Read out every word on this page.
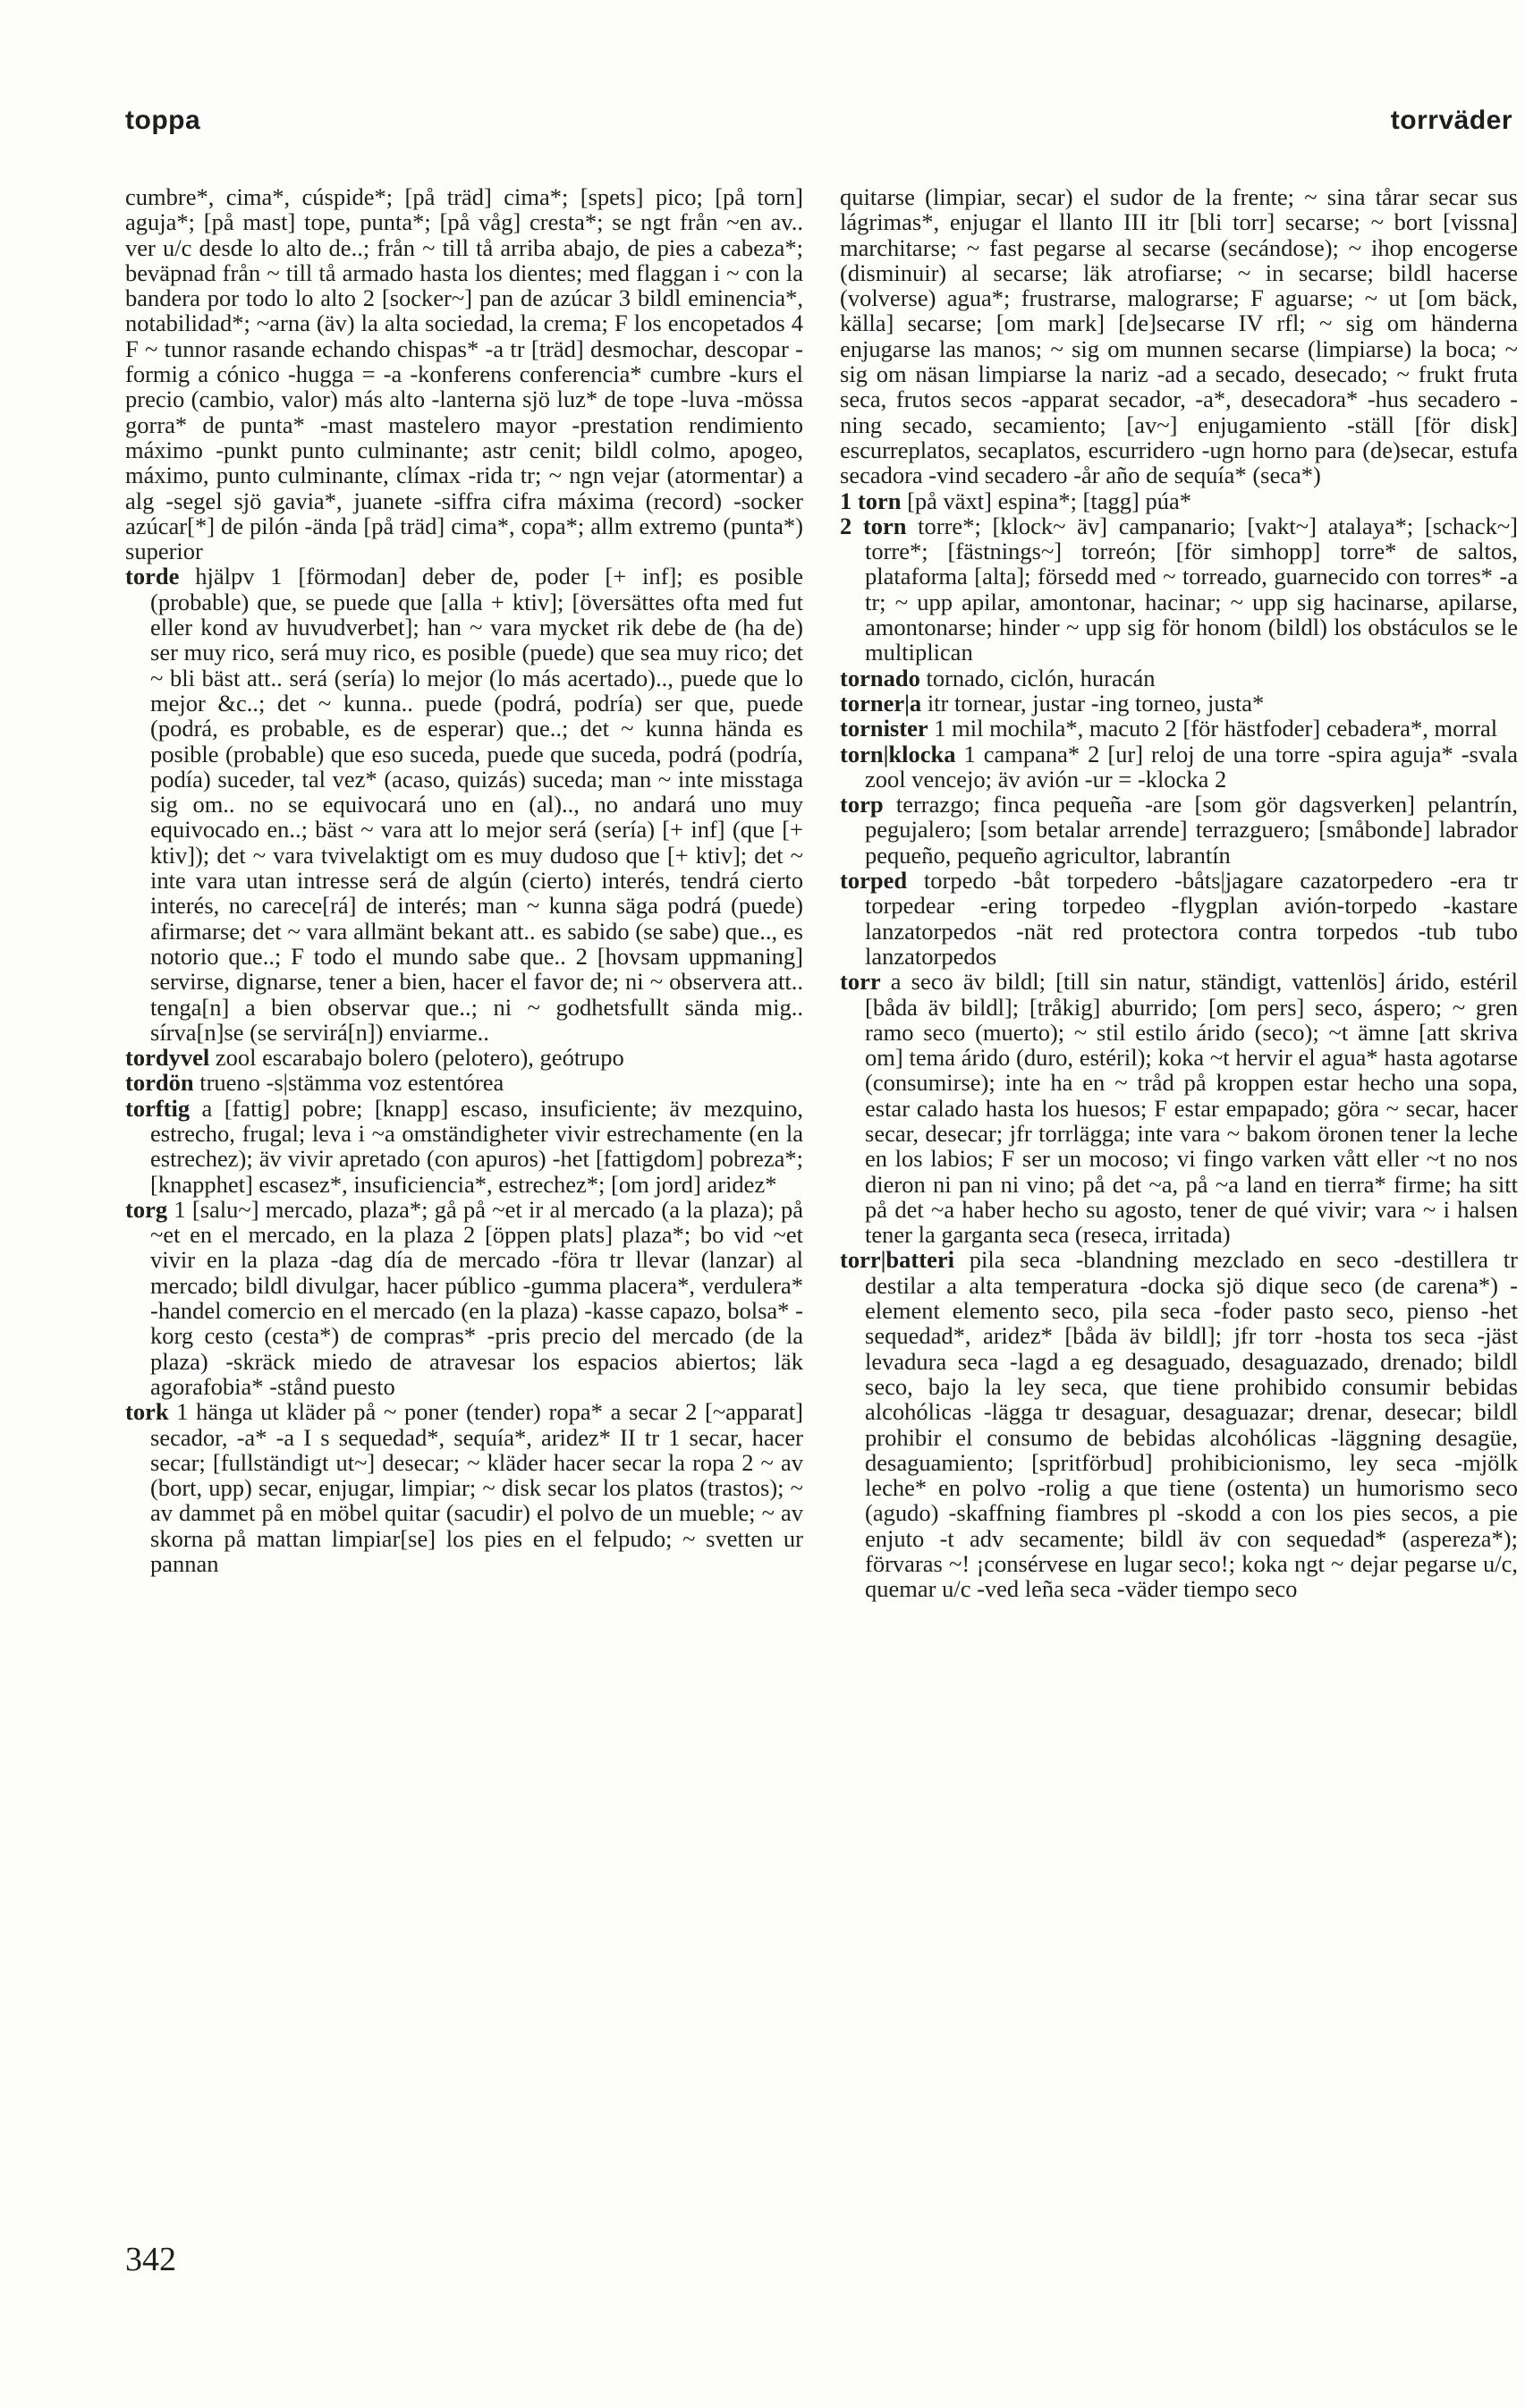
toppa	torrväder

cumbre*, cima*, cúspide*; [på träd] cima*; [spets] pico; [på torn] aguja*; [på mast] tope, punta*; [på våg] cresta*; se ngt från ~en av.. ver u/c desde lo alto de..; från ~ till tå arriba abajo, de pies a cabeza*; beväpnad från ~ till tå armado hasta los dientes; med flaggan i ~ con la bandera por todo lo alto 2 [socker~] pan de azúcar 3 bildl eminencia*, notabilidad*; ~arna (äv) la alta sociedad, la crema; F los encopetados 4 F ~ tunnor rasande echando chispas* -a tr [träd] desmochar, descopar -formig a cónico -hugga = -a -konferens conferencia* cumbre -kurs el precio (cambio, valor) más alto -lanterna sjö luz* de tope -luva -mössa gorra* de punta* -mast mastelero mayor -prestation rendimiento máximo -punkt punto culminante; astr cenit; bildl colmo, apogeo, máximo, punto culminante, clímax -rida tr; ~ ngn vejar (atormentar) a alg -segel sjö gavia*, juanete -siffra cifra máxima (record) -socker azúcar[*] de pilón -ända [på träd] cima*, copa*; allm extremo (punta*) superior

torde hjälpv 1 [förmodan] deber de, poder [+ inf]; es posible (probable) que, se puede que [alla + ktiv]; [översättes ofta med fut eller kond av huvudverbet]; han ~ vara mycket rik debe de (ha de) ser muy rico, será muy rico, es posible (puede) que sea muy rico; det ~ bli bäst att.. será (sería) lo mejor (lo más acertado).., puede que lo mejor &c..; det ~ kunna.. puede (podrá, podría) ser que, puede (podrá, es probable, es de esperar) que..; det ~ kunna hända es posible (probable) que eso suceda, puede que suceda, podrá (podría, podía) suceder, tal vez* (acaso, quizás) suceda; man ~ inte misstaga sig om.. no se equivocará uno en (al).., no andará uno muy equivocado en..; bäst ~ vara att lo mejor será (sería) [+ inf] (que [+ ktiv]); det ~ vara tvivelaktigt om es muy dudoso que [+ ktiv]; det ~ inte vara utan intresse será de algún (cierto) interés, tendrá cierto interés, no carece[rá] de interés; man ~ kunna säga podrá (puede) afirmarse; det ~ vara allmänt bekant att.. es sabido (se sabe) que.., es notorio que..; F todo el mundo sabe que.. 2 [hovsam uppmaning] servirse, dignarse, tener a bien, hacer el favor de; ni ~ observera att.. tenga[n] a bien observar que..; ni ~ godhetsfullt sända mig.. sírva[n]se (se servirá[n]) enviarme..

tordyvel zool escarabajo bolero (pelotero), geótrupo

tordön trueno -s|stämma voz estentórea

torftig a [fattig] pobre; [knapp] escaso, insuficiente; äv mezquino, estrecho, frugal; leva i ~a omständigheter vivir estrechamente (en la estrechez); äv vivir apretado (con apuros) -het [fattigdom] pobreza*; [knapphet] escasez*, insuficiencia*, estrechez*; [om jord] aridez*

torg 1 [salu~] mercado, plaza*; gå på ~et ir al mercado (a la plaza); på ~et en el mercado, en la plaza 2 [öppen plats] plaza*; bo vid ~et vivir en la plaza -dag día de mercado -föra tr llevar (lanzar) al mercado; bildl divulgar, hacer público -gumma placera*, verdulera* -handel comercio en el mercado (en la plaza) -kasse capazo, bolsa* -korg cesto (cesta*) de compras* -pris precio del mercado (de la plaza) -skräck miedo de atravesar los espacios abiertos; läk agorafobia* -stånd puesto

tork 1 hänga ut kläder på ~ poner (tender) ropa* a secar 2 [~apparat] secador, -a* -a I s sequedad*, sequía*, aridez* II tr 1 secar, hacer secar; [fullständigt ut~] desecar; ~ kläder hacer secar la ropa 2 ~ av (bort, upp) secar, enjugar, limpiar; ~ disk secar los platos (trastos); ~ av dammet på en möbel quitar (sacudir) el polvo de un mueble; ~ av skorna på mattan limpiar[se] los pies en el felpudo; ~ svetten ur pannan

quitarse (limpiar, secar) el sudor de la frente; ~ sina tårar secar sus lágrimas*, enjugar el llanto III itr [bli torr] secarse; ~ bort [vissna] marchitarse; ~ fast pegarse al secarse (secándose); ~ ihop encogerse (disminuir) al secarse; läk atrofiarse; ~ in secarse; bildl hacerse (volverse) agua*; frustrarse, malograrse; F aguarse; ~ ut [om bäck, källa] secarse; [om mark] [de]secarse IV rfl; ~ sig om händerna enjugarse las manos; ~ sig om munnen secarse (limpiarse) la boca; ~ sig om näsan limpiarse la nariz -ad a secado, desecado; ~ frukt fruta seca, frutos secos -apparat secador, -a*, desecadora* -hus secadero -ning secado, secamiento; [av~] enjugamiento -ställ [för disk] escurreplatos, secaplatos, escurridero -ugn horno para (de)secar, estufa secadora -vind secadero -år año de sequía* (seca*)

1 torn [på växt] espina*; [tagg] púa*

2 torn torre*; [klock~ äv] campanario; [vakt~] atalaya*; [schack~] torre*; [fästnings~] torreón; [för simhopp] torre* de saltos, plataforma [alta]; försedd med ~ torreado, guarnecido con torres* -a tr; ~ upp apilar, amontonar, hacinar; ~ upp sig hacinarse, apilarse, amontonarse; hinder ~ upp sig för honom (bildl) los obstáculos se le multiplican

tornado tornado, ciclón, huracán

torner|a itr tornear, justar -ing torneo, justa*

tornister 1 mil mochila*, macuto 2 [för hästfoder] cebadera*, morral

torn|klocka 1 campana* 2 [ur] reloj de una torre -spira aguja* -svala zool vencejo; äv avión -ur = -klocka 2

torp terrazgo; finca pequeña -are [som gör dagsverken] pelantrín, pegujalero; [som betalar arrende] terrazguero; [småbonde] labrador pequeño, pequeño agricultor, labrantín

torped torpedo -båt torpedero -båts|jagare cazatorpedero -era tr torpedear -ering torpedeo -flygplan avión-torpedo -kastare lanzatorpedos -nät red protectora contra torpedos -tub tubo lanzatorpedos

torr a seco äv bildl; [till sin natur, ständigt, vattenlös] árido, estéril [båda äv bildl]; [tråkig] aburrido; [om pers] seco, áspero; ~ gren ramo seco (muerto); ~ stil estilo árido (seco); ~t ämne [att skriva om] tema árido (duro, estéril); koka ~t hervir el agua* hasta agotarse (consumirse); inte ha en ~ tråd på kroppen estar hecho una sopa, estar calado hasta los huesos; F estar empapado; göra ~ secar, hacer secar, desecar; jfr torrlägga; inte vara ~ bakom öronen tener la leche en los labios; F ser un mocoso; vi fingo varken vått eller ~t no nos dieron ni pan ni vino; på det ~a, på ~a land en tierra* firme; ha sitt på det ~a haber hecho su agosto, tener de qué vivir; vara ~ i halsen tener la garganta seca (reseca, irritada)

torr|batteri pila seca -blandning mezclado en seco -destillera tr destilar a alta temperatura -docka sjö dique seco (de carena*) -element elemento seco, pila seca -foder pasto seco, pienso -het sequedad*, aridez* [båda äv bildl]; jfr torr -hosta tos seca -jäst levadura seca -lagd a eg desaguado, desaguazado, drenado; bildl seco, bajo la ley seca, que tiene prohibido consumir bebidas alcohólicas -lägga tr desaguar, desaguazar; drenar, desecar; bildl prohibir el consumo de bebidas alcohólicas -läggning desagüe, desaguamiento; [spritförbud] prohibicionismo, ley seca -mjölk leche* en polvo -rolig a que tiene (ostenta) un humorismo seco (agudo) -skaffning fiambres pl -skodd a con los pies secos, a pie enjuto -t adv secamente; bildl äv con sequedad* (aspereza*); förvaras ~! ¡consérvese en lugar seco!; koka ngt ~ dejar pegarse u/c, quemar u/c -ved leña seca -väder tiempo seco

342
